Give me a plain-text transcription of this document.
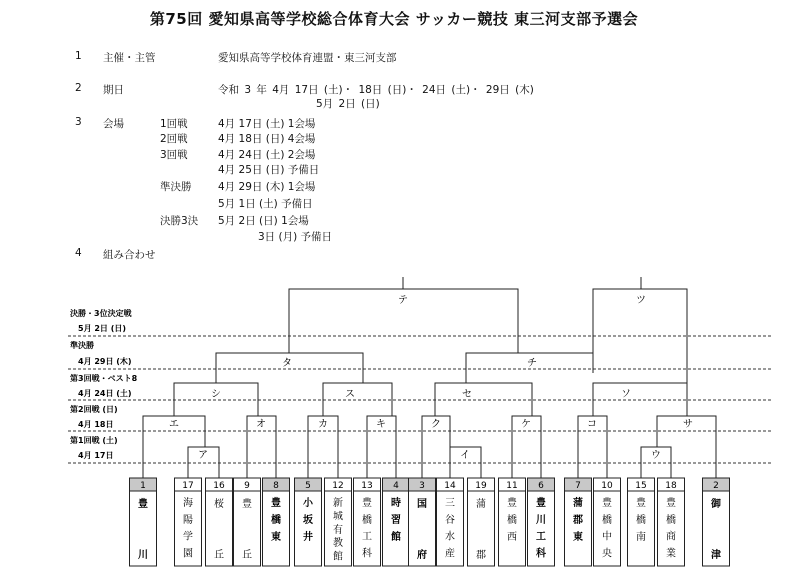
第75回 愛知県高等学校総合体育大会 サッカー競技 東三河支部予選会
1 主催・主管	愛知県高等学校体育連盟・東三河支部
2 期日	令和 3 年 4月 17日 (土)・ 18日 (日)・ 24日 (土)・ 29日 (木)
5月 2日 (日)
3 会場	1回戦	4月 17日 (土) 1会場
2回戦	4月 18日 (日) 4会場
3回戦	4月 24日 (土) 2会場
4月 25日 (日) 予備日
準決勝	4月 29日 (木) 1会場
5月 1日 (土) 予備日
決勝3決 5月 2日 (日) 1会場
3日 (月) 予備日
4 組み合わせ
1
豊川
17
海陽学園
16
桜丘
9
豊丘
8
豊橋東
5
小坂井
12
新城有教館
13
豊橋工科
4
時習館
3
国府
14
三谷水産
19
蒲郡
11
豊橋西
6
豊川工科
7
蒲郡東
10
豊橋中央
15
豊橋南
18
豊橋商業
2
御津
決勝・3位決定戦
5月 2日 (日)
準決勝
4月 29日 (木)
第3回戦・ベスト8
4月 24日 (土)
第2回戦 (日)
4月 18日
第1回戦 (土)
4月 17日
テ	ツ
タ	チ
シ	ス	セ	ソ
エ	オ	カ	キ	ク	ケ	コ	サ
ア	イ	ウ
